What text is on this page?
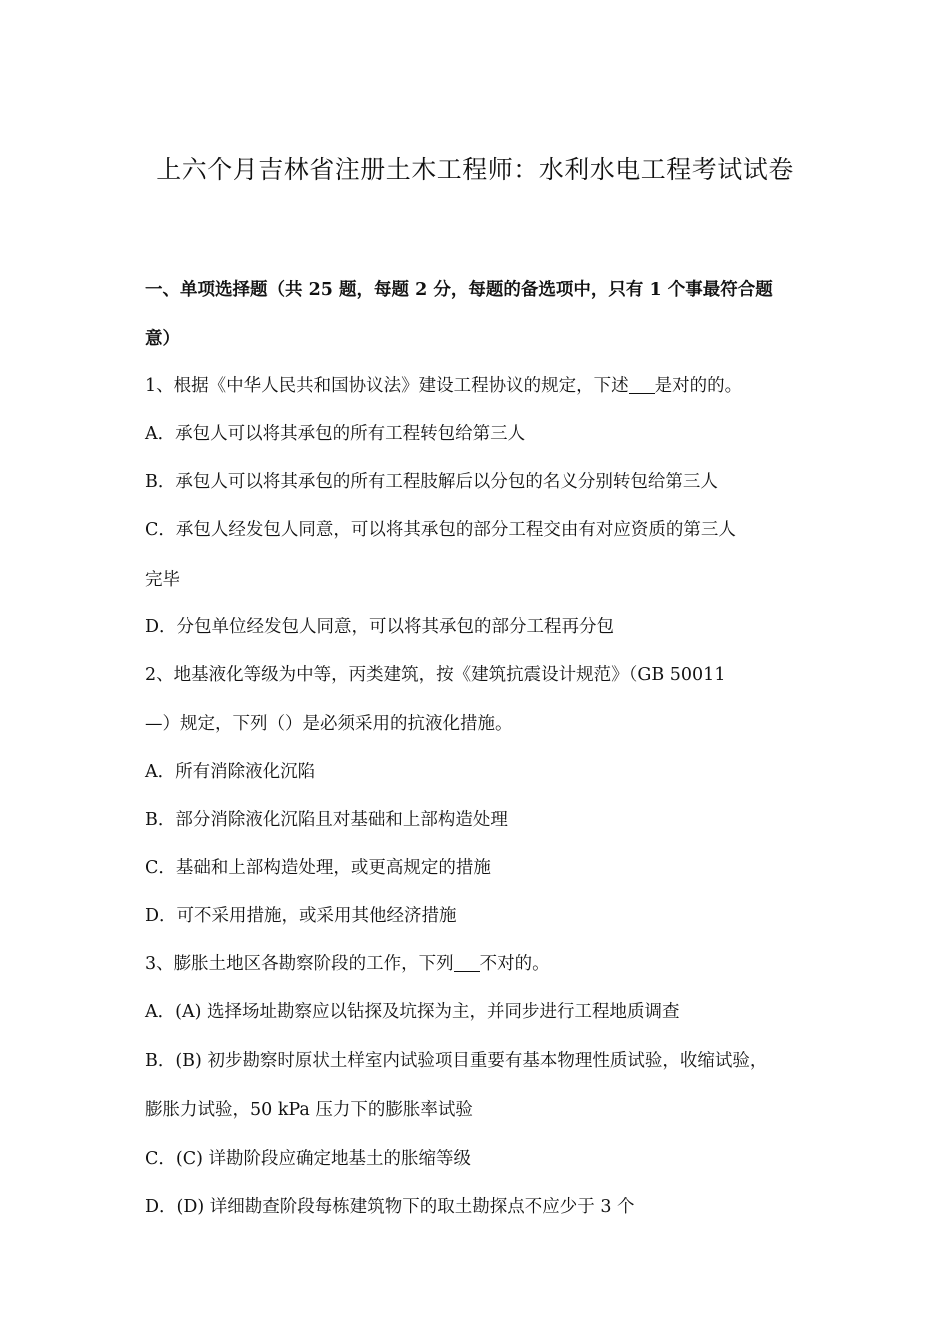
上六个月吉林省注册土木工程师：水利水电工程考试试卷

一、单项选择题（共 25 题，每题 2 分，每题的备选项中，只有 1 个事最符合题

意）

1、根据《中华人民共和国协议法》建设工程协议的规定，下述 是对的的。

A．承包人可以将其承包的所有工程转包给第三人

B．承包人可以将其承包的所有工程肢解后以分包的名义分别转包给第三人

C．承包人经发包人同意，可以将其承包的部分工程交由有对应资质的第三人

完毕

D．分包单位经发包人同意，可以将其承包的部分工程再分包

2、地基液化等级为中等，丙类建筑，按《建筑抗震设计规范》（GB 50011

—）规定，下列（）是必须采用的抗液化措施。

A．所有消除液化沉陷

B．部分消除液化沉陷且对基础和上部构造处理

C．基础和上部构造处理，或更高规定的措施

D．可不采用措施，或采用其他经济措施

3、膨胀土地区各勘察阶段的工作，下列 不对的。

A．(A) 选择场址勘察应以钻探及坑探为主，并同步进行工程地质调查

B．(B) 初步勘察时原状土样室内试验项目重要有基本物理性质试验，收缩试验，

膨胀力试验，50 kPa 压力下的膨胀率试验

C．(C) 详勘阶段应确定地基土的胀缩等级

D．(D) 详细勘查阶段每栋建筑物下的取土勘探点不应少于 3 个
